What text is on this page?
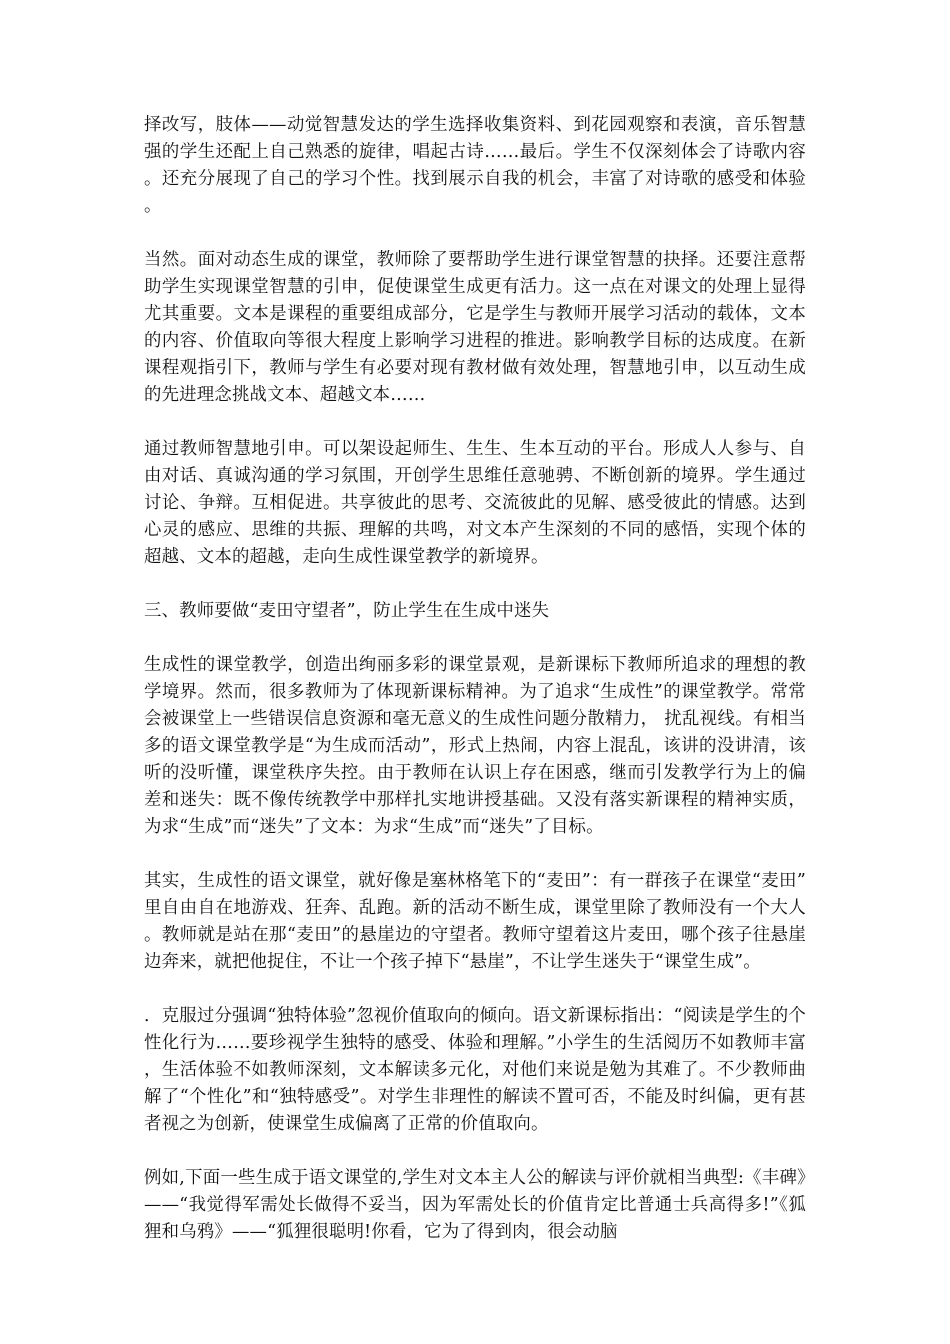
择改写，肢体——动觉智慧发达的学生选择收集资料、到花园观察和表演，音乐智慧强的学生还配上自己熟悉的旋律，唱起古诗……最后。学生不仅深刻体会了诗歌内容。还充分展现了自己的学习个性。找到展示自我的机会，丰富了对诗歌的感受和体验。

当然。面对动态生成的课堂，教师除了要帮助学生进行课堂智慧的抉择。还要注意帮助学生实现课堂智慧的引申，促使课堂生成更有活力。这一点在对课文的处理上显得尤其重要。文本是课程的重要组成部分，它是学生与教师开展学习活动的载体，文本的内容、价值取向等很大程度上影响学习进程的推进。影响教学目标的达成度。在新课程观指引下，教师与学生有必要对现有教材做有效处理，智慧地引申，以互动生成的先进理念挑战文本、超越文本……

通过教师智慧地引申。可以架设起师生、生生、生本互动的平台。形成人人参与、自由对话、真诚沟通的学习氛围，开创学生思维任意驰骋、不断创新的境界。学生通过讨论、争辩。互相促进。共享彼此的思考、交流彼此的见解、感受彼此的情感。达到心灵的感应、思维的共振、理解的共鸣，对文本产生深刻的不同的感悟，实现个体的超越、文本的超越，走向生成性课堂教学的新境界。

三、教师要做“麦田守望者”，防止学生在生成中迷失

生成性的课堂教学，创造出绚丽多彩的课堂景观，是新课标下教师所追求的理想的教学境界。然而，很多教师为了体现新课标精神。为了追求“生成性”的课堂教学。常常会被课堂上一些错误信息资源和毫无意义的生成性问题分散精力， 扰乱视线。有相当多的语文课堂教学是“为生成而活动”，形式上热闹，内容上混乱，该讲的没讲清，该听的没听懂，课堂秩序失控。由于教师在认识上存在困惑，继而引发教学行为上的偏差和迷失：既不像传统教学中那样扎实地讲授基础。又没有落实新课程的精神实质，为求“生成”而“迷失”了文本：为求“生成”而“迷失”了目标。

其实，生成性的语文课堂，就好像是塞林格笔下的“麦田”：有一群孩子在课堂“麦田”里自由自在地游戏、狂奔、乱跑。新的活动不断生成，课堂里除了教师没有一个大人。教师就是站在那“麦田”的悬崖边的守望者。教师守望着这片麦田，哪个孩子往悬崖边奔来，就把他捉住，不让一个孩子掉下“悬崖”，不让学生迷失于“课堂生成”。

．克服过分强调“独特体验”忽视价值取向的倾向。语文新课标指出：“阅读是学生的个性化行为……要珍视学生独特的感受、体验和理解。”小学生的生活阅历不如教师丰富，生活体验不如教师深刻，文本解读多元化，对他们来说是勉为其难了。不少教师曲解了“个性化”和“独特感受”。对学生非理性的解读不置可否，不能及时纠偏，更有甚者视之为创新，使课堂生成偏离了正常的价值取向。

例如,下面一些生成于语文课堂的,学生对文本主人公的解读与评价就相当典型:《丰碑》——“我觉得军需处长做得不妥当，因为军需处长的价值肯定比普通士兵高得多!”《狐狸和乌鸦》——“狐狸很聪明!你看，它为了得到肉，很会动脑
